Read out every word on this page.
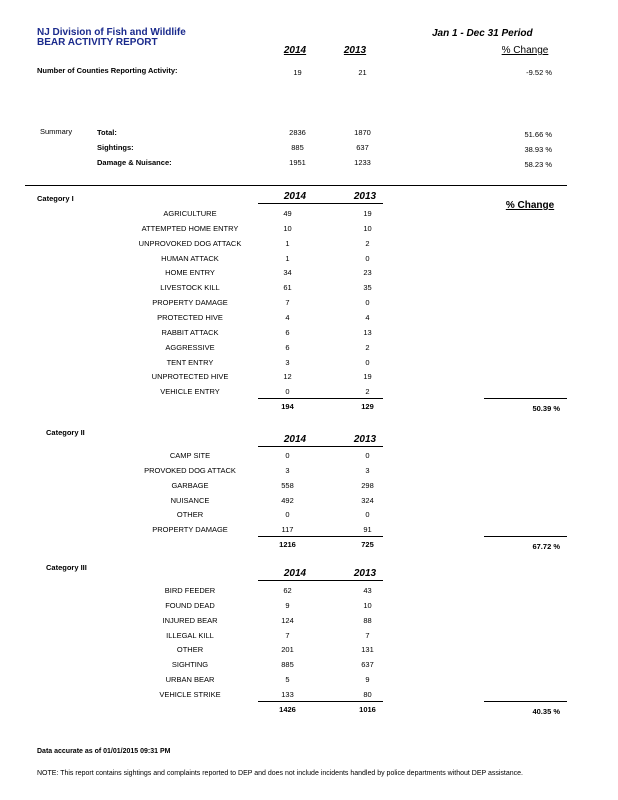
NJ Division of Fish and Wildlife
BEAR ACTIVITY REPORT
Jan 1 - Dec 31 Period
2014	2013	% Change
Number of Counties Reporting Activity:	19	21	-9.52 %
Summary	Total:	2836	1870	51.66 %
Sightings:	885	637	38.93 %
Damage & Nuisance:	1951	1233	58.23 %
Category I	2014	2013
% Change
AGRICULTURE	49	19
ATTEMPTED HOME ENTRY	10	10
UNPROVOKED DOG ATTACK	1	2
HUMAN ATTACK	1	0
HOME ENTRY	34	23
LIVESTOCK KILL	61	35
PROPERTY DAMAGE	7	0
PROTECTED HIVE	4	4
RABBIT ATTACK	6	13
AGGRESSIVE	6	2
TENT ENTRY	3	0
UNPROTECTED HIVE	12	19
VEHICLE ENTRY	0	2
194	129	50.39 %
Category II
2014	2013
CAMP SITE	0	0
PROVOKED DOG ATTACK	3	3
GARBAGE	558	298
NUISANCE	492	324
OTHER	0	0
PROPERTY DAMAGE	117	91
1216	725	67.72 %
Category III
2014	2013
BIRD FEEDER	62	43
FOUND DEAD	9	10
INJURED BEAR	124	88
ILLEGAL KILL	7	7
OTHER	201	131
SIGHTING	885	637
URBAN BEAR	5	9
VEHICLE STRIKE	133	80
1426	1016	40.35 %
Data accurate as of 01/01/2015 09:31 PM
NOTE: This report contains sightings and complaints reported to DEP and does not include incidents handled by police departments without DEP assistance.
